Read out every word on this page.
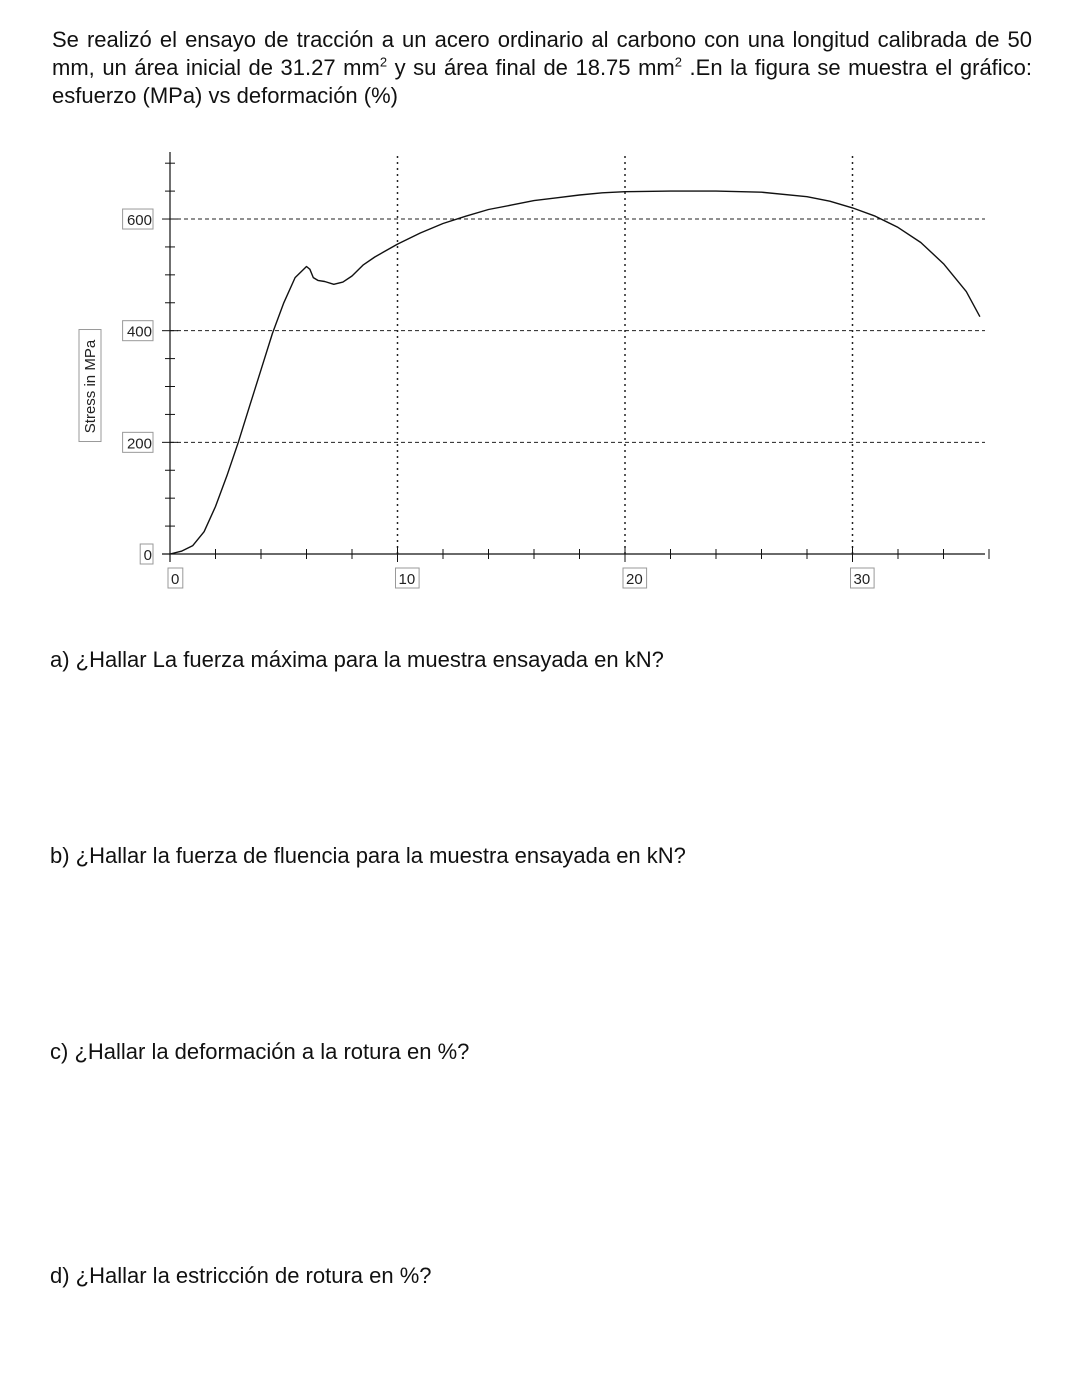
Se realizó el ensayo de tracción a un acero ordinario al carbono con una longitud calibrada de 50 mm, un área inicial de 31.27 $mm^2$ y su área final de 18.75 $mm^2$ .En la figura se muestra el gráfico: esfuerzo (MPa) vs deformación (%)

0
200
400
600
0	10	20	30
Stress in MPa
a) ¿Hallar La fuerza máxima para la muestra ensayada en kN?
b) ¿Hallar la fuerza de fluencia para la muestra ensayada en kN?
c) ¿Hallar la deformación a la rotura en %?
d) ¿Hallar la estricción de rotura en %?
